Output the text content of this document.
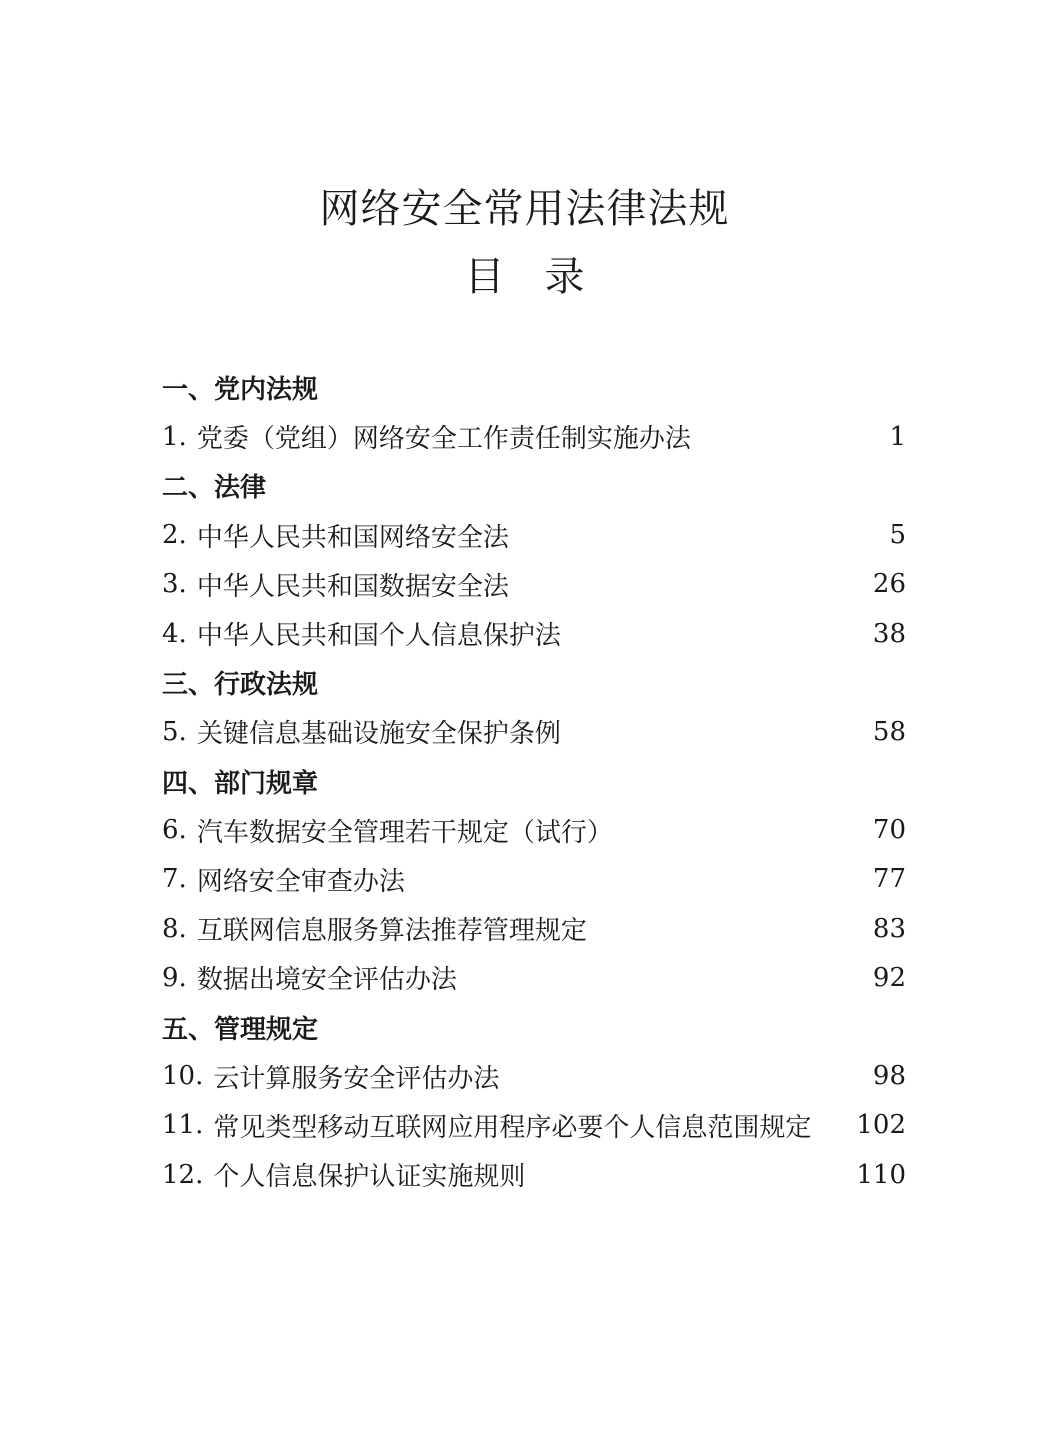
网络安全常用法律法规
目 录
一、党内法规
1. 党委（党组）网络安全工作责任制实施办法	1
二、法律
2. 中华人民共和国网络安全法	5
3. 中华人民共和国数据安全法	26
4. 中华人民共和国个人信息保护法	38
三、行政法规
5. 关键信息基础设施安全保护条例	58
四、部门规章
6. 汽车数据安全管理若干规定（试行）	70
7. 网络安全审查办法	77
8. 互联网信息服务算法推荐管理规定	83
9. 数据出境安全评估办法	92
五、管理规定
10. 云计算服务安全评估办法	98
11. 常见类型移动互联网应用程序必要个人信息范围规定 102
12. 个人信息保护认证实施规则	110
